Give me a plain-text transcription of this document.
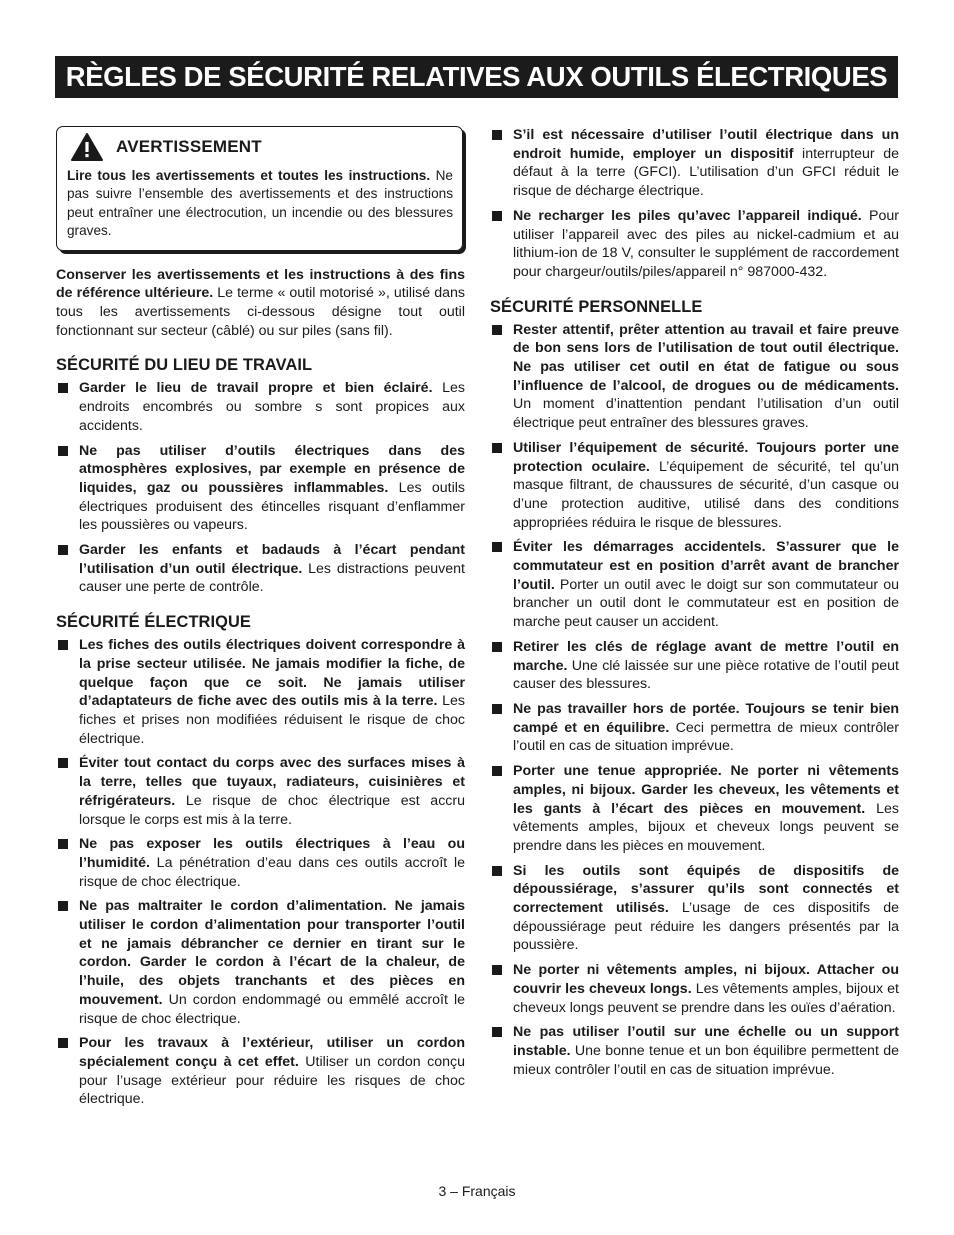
RÈGLES DE SÉCURITÉ RELATIVES AUX OUTILS ÉLECTRIQUES
AVERTISSEMENT

Lire tous les avertissements et toutes les instructions. Ne pas suivre l’ensemble des avertissements et des instructions peut entraîner une électrocution, un incendie ou des blessures graves.

Conserver les avertissements et les instructions à des fins de référence ultérieure. Le terme « outil motorisé », utilisé dans tous les avertissements ci-dessous désigne tout outil fonctionnant sur secteur (câblé) ou sur piles (sans fil).

SÉCURITÉ DU LIEU DE TRAVAIL
Garder le lieu de travail propre et bien éclairé. Les endroits encombrés ou sombre s sont propices aux accidents.
Ne pas utiliser d’outils électriques dans des atmosphères explosives, par exemple en présence de liquides, gaz ou poussières inflammables. Les outils électriques produisent des étincelles risquant d’enflammer les poussières ou vapeurs.
Garder les enfants et badauds à l’écart pendant l’utilisation d’un outil électrique. Les distractions peuvent causer une perte de contrôle.
SÉCURITÉ ÉLECTRIQUE
Les fiches des outils électriques doivent correspondre à la prise secteur utilisée. Ne jamais modifier la fiche, de quelque façon que ce soit. Ne jamais utiliser d’adaptateurs de fiche avec des outils mis à la terre. Les fiches et prises non modifiées réduisent le risque de choc électrique.
Éviter tout contact du corps avec des surfaces mises à la terre, telles que tuyaux, radiateurs, cuisinières et réfrigérateurs. Le risque de choc électrique est accru lorsque le corps est mis à la terre.
Ne pas exposer les outils électriques à l’eau ou l’humidité. La pénétration d’eau dans ces outils accroît le risque de choc électrique.
Ne pas maltraiter le cordon d’alimentation. Ne jamais utiliser le cordon d’alimentation pour transporter l’outil et ne jamais débrancher ce dernier en tirant sur le cordon. Garder le cordon à l’écart de la chaleur, de l’huile, des objets tranchants et des pièces en mouvement. Un cordon endommagé ou emmêlé accroît le risque de choc électrique.
Pour les travaux à l’extérieur, utiliser un cordon spécialement conçu à cet effet. Utiliser un cordon conçu pour l’usage extérieur pour réduire les risques de choc électrique.
S’il est nécessaire d’utiliser l’outil électrique dans un endroit humide, employer un dispositif interrupteur de défaut à la terre (GFCI). L’utilisation d’un GFCI réduit le risque de décharge électrique.
Ne recharger les piles qu’avec l’appareil indiqué. Pour utiliser l’appareil avec des piles au nickel-cadmium et au lithium-ion de 18 V, consulter le supplément de raccordement pour chargeur/outils/piles/appareil n° 987000-432.
SÉCURITÉ PERSONNELLE
Rester attentif, prêter attention au travail et faire preuve de bon sens lors de l’utilisation de tout outil électrique. Ne pas utiliser cet outil en état de fatigue ou sous l’influence de l’alcool, de drogues ou de médicaments. Un moment d’inattention pendant l’utilisation d’un outil électrique peut entraîner des blessures graves.
Utiliser l’équipement de sécurité. Toujours porter une protection oculaire. L’équipement de sécurité, tel qu’un masque filtrant, de chaussures de sécurité, d’un casque ou d’une protection auditive, utilisé dans des conditions appropriées réduira le risque de blessures.
Éviter les démarrages accidentels. S’assurer que le commutateur est en position d’arrêt avant de brancher l’outil. Porter un outil avec le doigt sur son commutateur ou brancher un outil dont le commutateur est en position de marche peut causer un accident.
Retirer les clés de réglage avant de mettre l’outil en marche. Une clé laissée sur une pièce rotative de l’outil peut causer des blessures.
Ne pas travailler hors de portée. Toujours se tenir bien campé et en équilibre. Ceci permettra de mieux contrôler l’outil en cas de situation imprévue.
Porter une tenue appropriée. Ne porter ni vêtements amples, ni bijoux. Garder les cheveux, les vêtements et les gants à l’écart des pièces en mouvement. Les vêtements amples, bijoux et cheveux longs peuvent se prendre dans les pièces en mouvement.
Si les outils sont équipés de dispositifs de dépoussiérage, s’assurer qu’ils sont connectés et correctement utilisés. L’usage de ces dispositifs de dépoussiérage peut réduire les dangers présentés par la poussière.
Ne porter ni vêtements amples, ni bijoux. Attacher ou couvrir les cheveux longs. Les vêtements amples, bijoux et cheveux longs peuvent se prendre dans les ouïes d’aération.
Ne pas utiliser l’outil sur une échelle ou un support instable. Une bonne tenue et un bon équilibre permettent de mieux contrôler l’outil en cas de situation imprévue.
3 – Français
